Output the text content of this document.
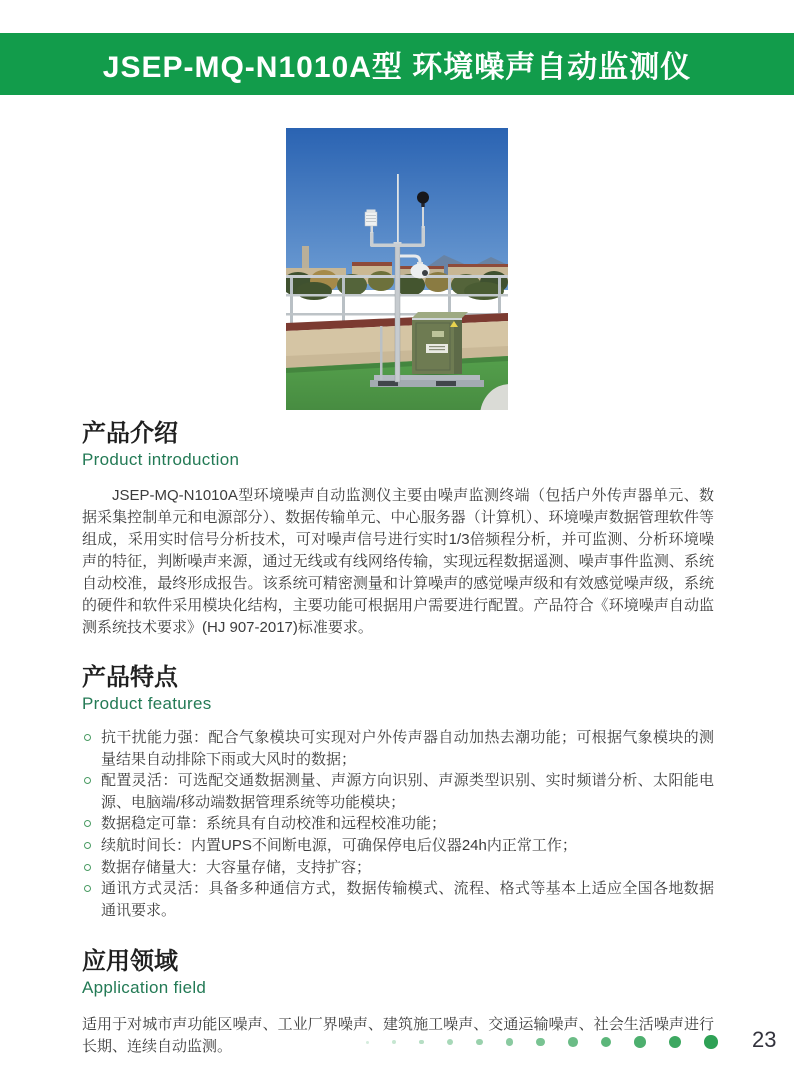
JSEP-MQ-N1010A型 环境噪声自动监测仪
产品介绍
Product introduction

JSEP-MQ-N1010A型环境噪声自动监测仪主要由噪声监测终端（包括户外传声器单元、数据采集控制单元和电源部分）、数据传输单元、中心服务器（计算机）、环境噪声数据管理软件等组成，采用实时信号分析技术，可对噪声信号进行实时1/3倍频程分析，并可监测、分析环境噪声的特征，判断噪声来源，通过无线或有线网络传输，实现远程数据遥测、噪声事件监测、系统自动校准，最终形成报告。该系统可精密测量和计算噪声的感觉噪声级和有效感觉噪声级，系统的硬件和软件采用模块化结构，主要功能可根据用户需要进行配置。产品符合《环境噪声自动监测系统技术要求》(HJ 907-2017)标准要求。

产品特点
Product features
抗干扰能力强：配合气象模块可实现对户外传声器自动加热去潮功能；可根据气象模块的测量结果自动排除下雨或大风时的数据；
配置灵活：可选配交通数据测量、声源方向识别、声源类型识别、实时频谱分析、太阳能电源、电脑端/移动端数据管理系统等功能模块；
数据稳定可靠：系统具有自动校准和远程校准功能；
续航时间长：内置UPS不间断电源，可确保停电后仪器24h内正常工作；
数据存储量大：大容量存储，支持扩容；
通讯方式灵活：具备多种通信方式，数据传输模式、流程、格式等基本上适应全国各地数据通讯要求。
应用领域
Application field

适用于对城市声功能区噪声、工业厂界噪声、建筑施工噪声、交通运输噪声、社会生活噪声进行长期、连续自动监测。	23
